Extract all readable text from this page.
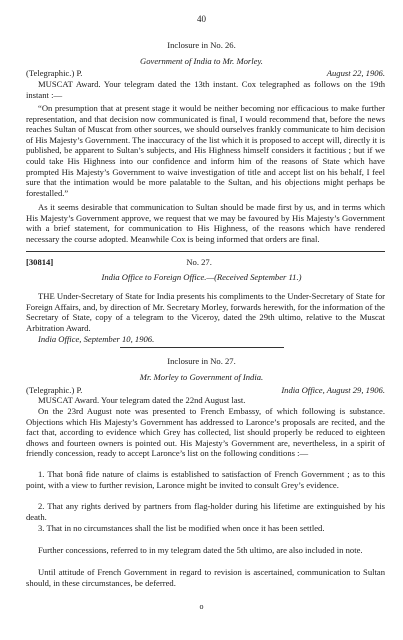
40
Inclosure in No. 26.
Government of India to Mr. Morley.
(Telegraphic.) P.	August 22, 1906.

MUSCAT Award. Your telegram dated the 13th instant. Cox telegraphed as follows on the 19th instant :—

“On presumption that at present stage it would be neither becoming nor efficacious to make further representation, and that decision now communicated is final, I would recommend that, before the news reaches Sultan of Muscat from other sources, we should ourselves frankly communicate to him decision of His Majesty’s Government. The inaccuracy of the list which it is proposed to accept will, directly it is published, be apparent to Sultan’s subjects, and His Highness himself considers it factitious ; but if we could take His Highness into our confidence and inform him of the reasons of State which have prompted His Majesty’s Government to waive investigation of title and accept list on his behalf, I feel sure that the intimation would be more palatable to the Sultan, and his objections might perhaps be forestalled.”

As it seems desirable that communication to Sultan should be made first by us, and in terms which His Majesty’s Government approve, we request that we may be favoured by His Majesty’s Government with a brief statement, for communication to His Highness, of the reasons which have rendered necessary the course adopted. Meanwhile Cox is being informed that orders are final.

[30814]	No. 27.
India Office to Foreign Office.—(Received September 11.)

THE Under-Secretary of State for India presents his compliments to the Under-Secretary of State for Foreign Affairs, and, by direction of Mr. Secretary Morley, forwards herewith, for the information of the Secretary of State, copy of a telegram to the Viceroy, dated the 29th ultimo, relative to the Muscat Arbitration Award.

India Office, September 10, 1906.

Inclosure in No. 27.
Mr. Morley to Government of India.
(Telegraphic.) P.	India Office, August 29, 1906.

MUSCAT Award. Your telegram dated the 22nd August last.

On the 23rd August note was presented to French Embassy, of which following is substance. Objections which His Majesty’s Government has addressed to Laronce’s proposals are recited, and the fact that, according to evidence which Grey has collected, list should properly be reduced to eighteen dhows and fourteen owners is pointed out. His Majesty’s Government are, nevertheless, in a spirit of friendly concession, ready to accept Laronce’s list on the following conditions :—

1. That bonâ fide nature of claims is established to satisfaction of French Government ; as to this point, with a view to further revision, Laronce might be invited to consult Grey’s evidence.

2. That any rights derived by partners from flag-holder during his lifetime are extinguished by his death.

3. That in no circumstances shall the list be modified when once it has been settled.

Further concessions, referred to in my telegram dated the 5th ultimo, are also included in note.

Until attitude of French Government in regard to revision is ascertained, communication to Sultan should, in these circumstances, be deferred.

o
